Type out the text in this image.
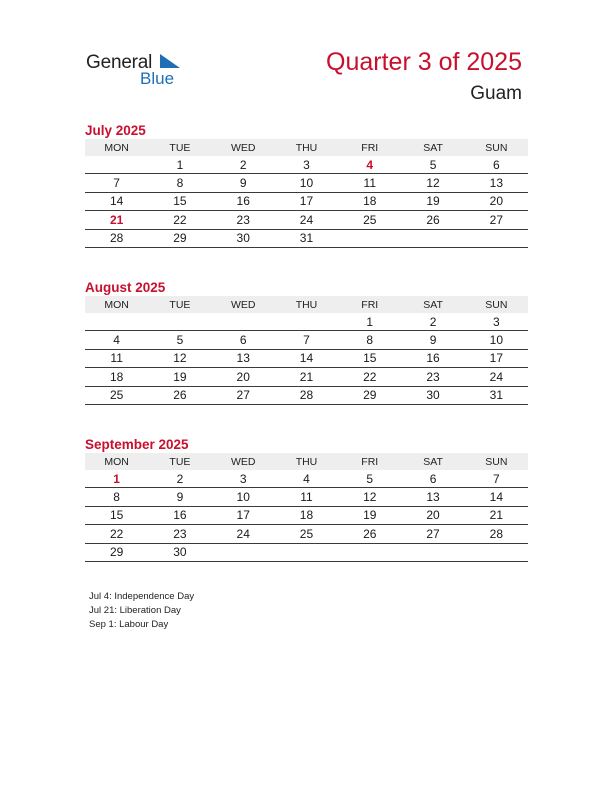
General
Blue
Quarter 3 of 2025
Guam
July 2025
MON	TUE	WED	THU	FRI	SAT	SUN
	1	2	3	4	5	6
7	8	9	10	11	12	13
14	15	16	17	18	19	20
21	22	23	24	25	26	27
28	29	30	31			
August 2025
MON	TUE	WED	THU	FRI	SAT	SUN
				1	2	3
4	5	6	7	8	9	10
11	12	13	14	15	16	17
18	19	20	21	22	23	24
25	26	27	28	29	30	31
September 2025
MON	TUE	WED	THU	FRI	SAT	SUN
1	2	3	4	5	6	7
8	9	10	11	12	13	14
15	16	17	18	19	20	21
22	23	24	25	26	27	28
29	30					
Jul 4: Independence Day
Jul 21: Liberation Day
Sep 1: Labour Day
